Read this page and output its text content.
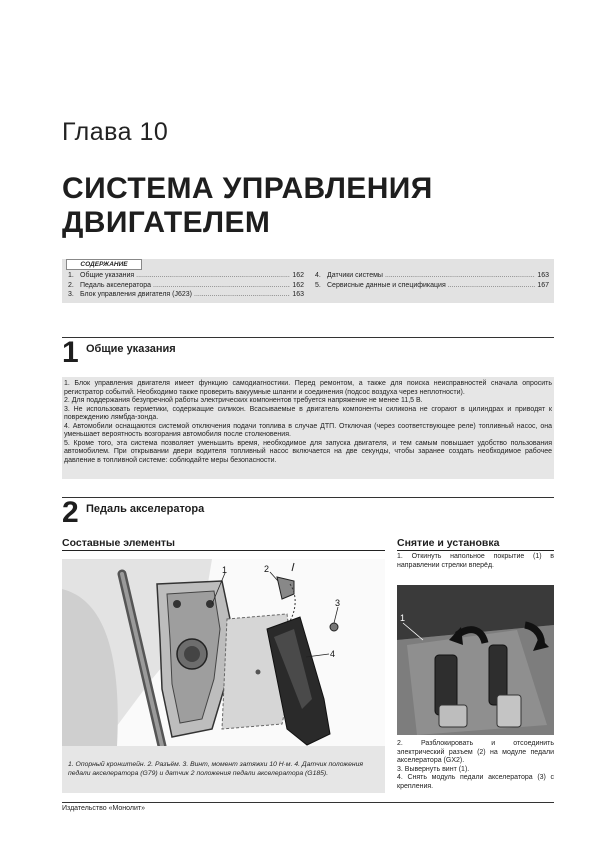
Глава 10
СИСТЕМА УПРАВЛЕНИЯ
ДВИГАТЕЛЕМ
1. Общие указания .....	162
2. Педаль акселератора .....	162
3. Блок управления двигателя (J623) .....	163
4. Датчики системы .....	163
5. Сервисные данные и спецификация .....	167
СОДЕРЖАНИЕ
1 Общие указания

1. Блок управления двигателя имеет функцию самодиагностики. Перед ремонтом, а также для поиска неисправностей сначала опросить регистратор событий. Необходимо также проверить вакуумные шланги и соединения (подсос воздуха через неплотности).

2. Для поддержания безупречной работы электрических компонентов требуется напряжение не менее 11,5 В.

3. Не использовать герметики, содержащие силикон. Всасываемые в двигатель компоненты силикона не сгорают в цилиндрах и приводят к повреждению лямбда-зонда.

4. Автомобили оснащаются системой отключения подачи топлива в случае ДТП. Отключая (через соответствующее реле) топливный насос, она уменьшает вероятность возгорания автомобиля после столкновения.

5. Кроме того, эта система позволяет уменьшить время, необходимое для запуска двигателя, и тем самым повышает удобство пользования автомобилем. При открывании двери водителя топливный насос включается на две секунды, чтобы заранее создать необходимое рабочее давление в топливной системе: соблюдайте меры безопасности.

2 Педаль акселератора
Составные элементы
1	2
3
4
1. Опорный кронштейн. 2. Разъём. 3. Винт, момент затяжки 10 Н·м. 4. Датчик положения педали акселератора (G79) и датчик 2 положения педали акселератора (G185).
Снятие и установка

1. Откинуть напольное покрытие (1) в направлении стрелки вперёд.

1

2. Разблокировать и отсоединить электрический разъем (2) на модуле педали акселератора (GX2).

3. Вывернуть винт (1).

4. Снять модуль педали акселератора (3) с крепления.

Издательство «Монолит»
